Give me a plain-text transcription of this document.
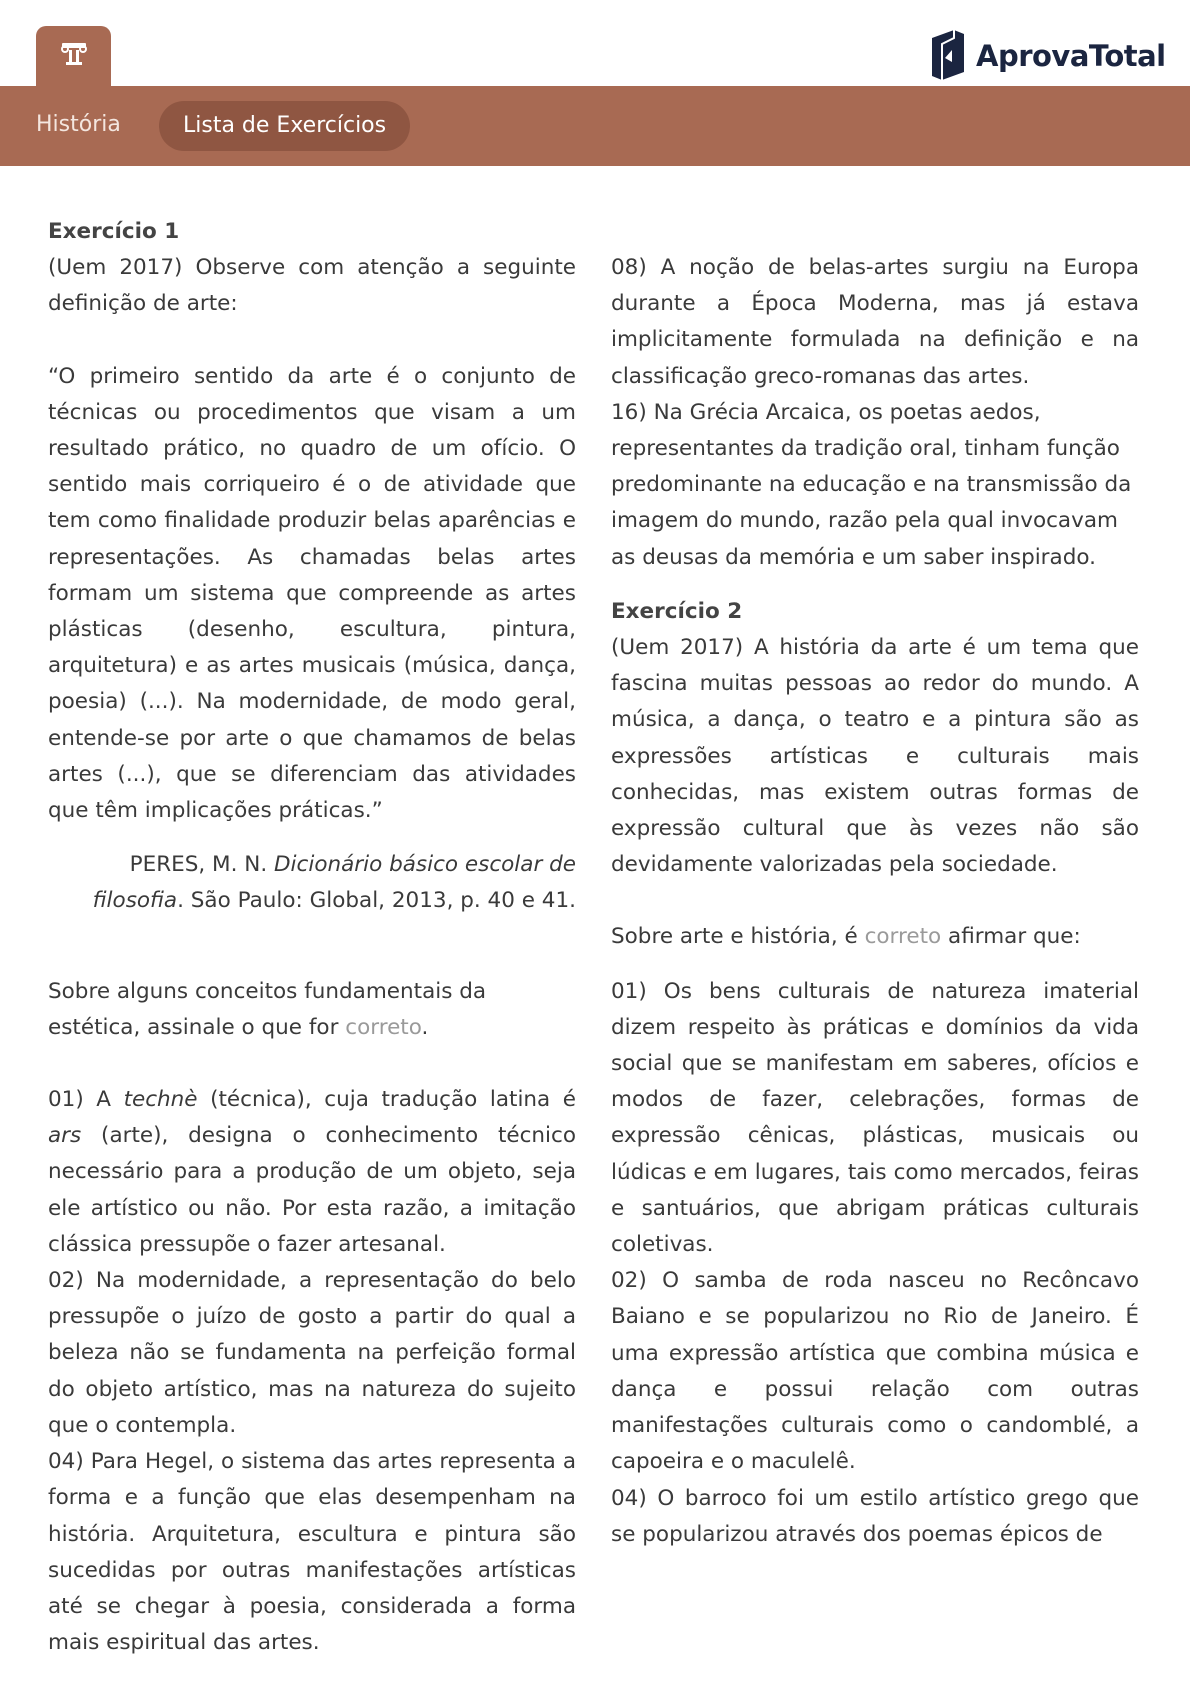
AprovaTotal
História	Lista de Exercícios

Exercício 1

(Uem 2017) Observe com atenção a seguinte definição de arte:

“O primeiro sentido da arte é o conjunto de técnicas ou procedimentos que visam a um resultado prático, no quadro de um ofício. O sentido mais corriqueiro é o de atividade que tem como finalidade produzir belas aparências e representações. As chamadas belas artes formam um sistema que compreende as artes plásticas (desenho, escultura, pintura, arquitetura) e as artes musicais (música, dança, poesia) (...). Na modernidade, de modo geral, entende-se por arte o que chamamos de belas artes (...), que se diferenciam das atividades que têm implicações práticas.”

PERES, M. N. Dicionário básico escolar de filosofia. São Paulo: Global, 2013, p. 40 e 41.

Sobre alguns conceitos fundamentais da estética, assinale o que for correto.

01) A technè (técnica), cuja tradução latina é ars (arte), designa o conhecimento técnico necessário para a produção de um objeto, seja ele artístico ou não. Por esta razão, a imitação clássica pressupõe o fazer artesanal.

02) Na modernidade, a representação do belo pressupõe o juízo de gosto a partir do qual a beleza não se fundamenta na perfeição formal do objeto artístico, mas na natureza do sujeito que o contempla.

04) Para Hegel, o sistema das artes representa a forma e a função que elas desempenham na história. Arquitetura, escultura e pintura são sucedidas por outras manifestações artísticas até se chegar à poesia, considerada a forma mais espiritual das artes.

08) A noção de belas-artes surgiu na Europa durante a Época Moderna, mas já estava implicitamente formulada na definição e na classificação greco-romanas das artes.

16) Na Grécia Arcaica, os poetas aedos, representantes da tradição oral, tinham função predominante na educação e na transmissão da imagem do mundo, razão pela qual invocavam as deusas da memória e um saber inspirado.

Exercício 2

(Uem 2017) A história da arte é um tema que fascina muitas pessoas ao redor do mundo. A música, a dança, o teatro e a pintura são as expressões artísticas e culturais mais conhecidas, mas existem outras formas de expressão cultural que às vezes não são devidamente valorizadas pela sociedade.

Sobre arte e história, é correto afirmar que:

01) Os bens culturais de natureza imaterial dizem respeito às práticas e domínios da vida social que se manifestam em saberes, ofícios e modos de fazer, celebrações, formas de expressão cênicas, plásticas, musicais ou lúdicas e em lugares, tais como mercados, feiras e santuários, que abrigam práticas culturais coletivas.

02) O samba de roda nasceu no Recôncavo Baiano e se popularizou no Rio de Janeiro. É uma expressão artística que combina música e dança e possui relação com outras manifestações culturais como o candomblé, a capoeira e o maculelê.

04) O barroco foi um estilo artístico grego que se popularizou através dos poemas épicos de
